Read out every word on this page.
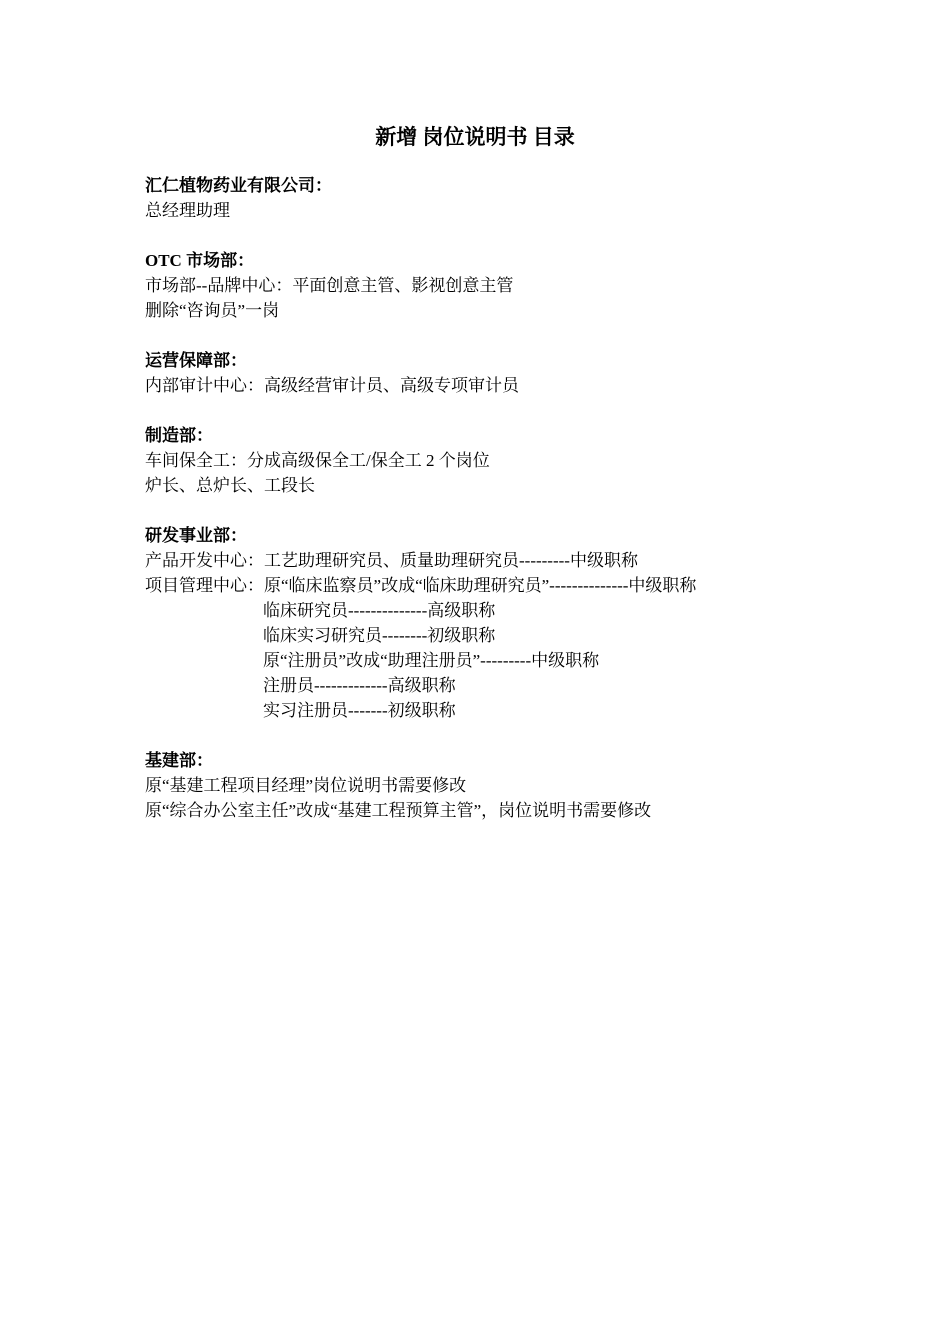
新增 岗位说明书 目录

汇仁植物药业有限公司：

总经理助理

OTC 市场部：

市场部--品牌中心：平面创意主管、影视创意主管

删除“咨询员”一岗

运营保障部：

内部审计中心：高级经营审计员、高级专项审计员

制造部：

车间保全工：分成高级保全工/保全工 2 个岗位

炉长、总炉长、工段长

研发事业部：

产品开发中心：工艺助理研究员、质量助理研究员---------中级职称

项目管理中心：原“临床监察员”改成“临床助理研究员”--------------中级职称

临床研究员--------------高级职称

临床实习研究员--------初级职称

原“注册员”改成“助理注册员”---------中级职称

注册员-------------高级职称

实习注册员-------初级职称

基建部：

原“基建工程项目经理”岗位说明书需要修改

原“综合办公室主任”改成“基建工程预算主管”，岗位说明书需要修改
